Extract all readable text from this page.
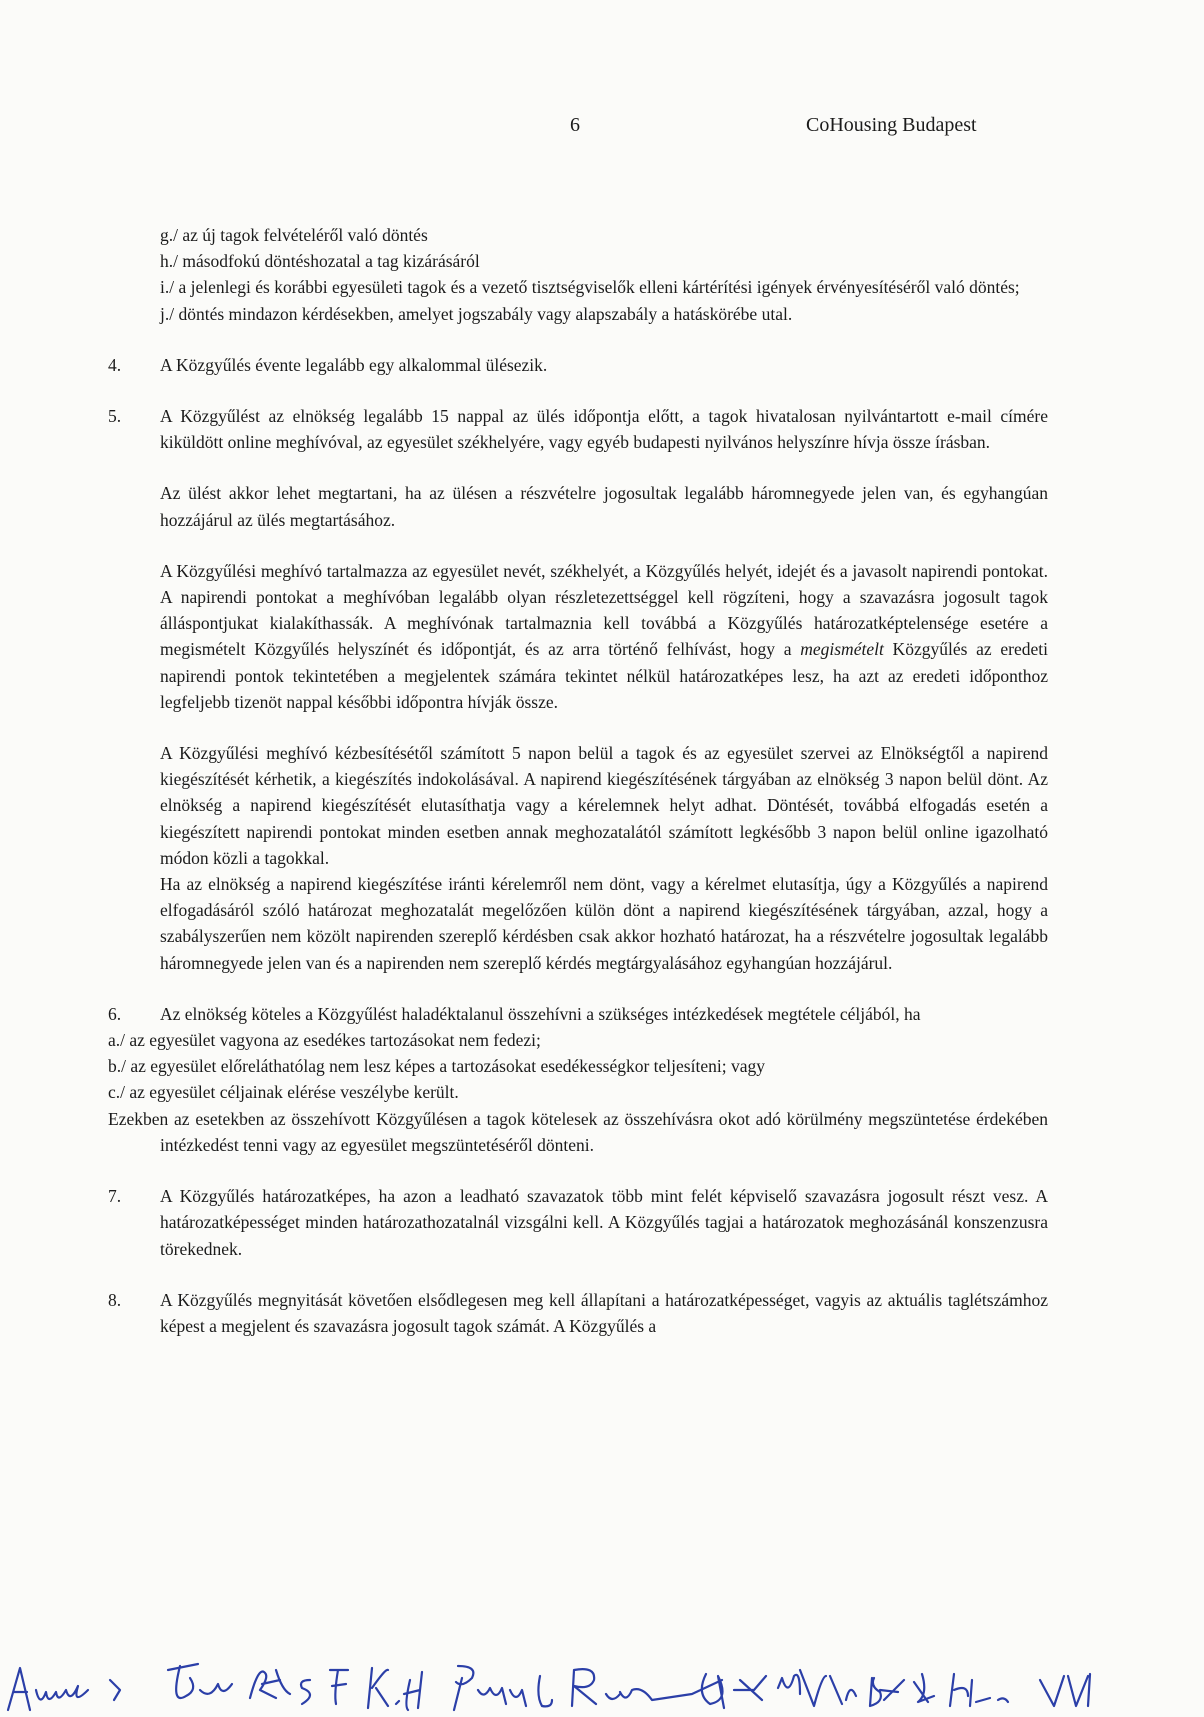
6	CoHousing Budapest
g./ az új tagok felvételéről való döntés
h./ másodfokú döntéshozatal a tag kizárásáról
i./ a jelenlegi és korábbi egyesületi tagok és a vezető tisztségviselők elleni kártérítési igények érvényesítéséről való döntés;
j./ döntés mindazon kérdésekben, amelyet jogszabály vagy alapszabály a hatáskörébe utal.
4.	A Közgyűlés évente legalább egy alkalommal ülésezik.
5.	A Közgyűlést az elnökség legalább 15 nappal az ülés időpontja előtt, a tagok hivatalosan nyilvántartott e-mail címére kiküldött online meghívóval, az egyesület székhelyére, vagy egyéb budapesti nyilvános helyszínre hívja össze írásban.
Az ülést akkor lehet megtartani, ha az ülésen a részvételre jogosultak legalább háromnegyede jelen van, és egyhangúan hozzájárul az ülés megtartásához.
A Közgyűlési meghívó tartalmazza az egyesület nevét, székhelyét, a Közgyűlés helyét, idejét és a javasolt napirendi pontokat. A napirendi pontokat a meghívóban legalább olyan részletezettséggel kell rögzíteni, hogy a szavazásra jogosult tagok álláspontjukat kialakíthassák. A meghívónak tartalmaznia kell továbbá a Közgyűlés határozatképtelensége esetére a megismételt Közgyűlés helyszínét és időpontját, és az arra történő felhívást, hogy a megismételt Közgyűlés az eredeti napirendi pontok tekintetében a megjelentek számára tekintet nélkül határozatképes lesz, ha azt az eredeti időponthoz legfeljebb tizenöt nappal későbbi időpontra hívják össze.
A Közgyűlési meghívó kézbesítésétől számított 5 napon belül a tagok és az egyesület szervei az Elnökségtől a napirend kiegészítését kérhetik, a kiegészítés indokolásával. A napirend kiegészítésének tárgyában az elnökség 3 napon belül dönt. Az elnökség a napirend kiegészítését elutasíthatja vagy a kérelemnek helyt adhat. Döntését, továbbá elfogadás esetén a kiegészített napirendi pontokat minden esetben annak meghozatalától számított legkésőbb 3 napon belül online igazolható módon közli a tagokkal.
Ha az elnökség a napirend kiegészítése iránti kérelemről nem dönt, vagy a kérelmet elutasítja, úgy a Közgyűlés a napirend elfogadásáról szóló határozat meghozatalát megelőzően külön dönt a napirend kiegészítésének tárgyában, azzal, hogy a szabályszerűen nem közölt napirenden szereplő kérdésben csak akkor hozható határozat, ha a részvételre jogosultak legalább háromnegyede jelen van és a napirenden nem szereplő kérdés megtárgyalásához egyhangúan hozzájárul.
6.	Az elnökség köteles a Közgyűlést haladéktalanul összehívni a szükséges intézkedések megtétele céljából, ha
a./ az egyesület vagyona az esedékes tartozásokat nem fedezi;
b./ az egyesület előreláthatólag nem lesz képes a tartozásokat esedékességkor teljesíteni; vagy
c./ az egyesület céljainak elérése veszélybe került.
Ezekben az esetekben az összehívott Közgyűlésen a tagok kötelesek az összehívásra okot adó körülmény megszüntetése érdekében intézkedést tenni vagy az egyesület megszüntetéséről dönteni.
7.	A Közgyűlés határozatképes, ha azon a leadható szavazatok több mint felét képviselő szavazásra jogosult részt vesz. A határozatképességet minden határozathozatalnál vizsgálni kell. A Közgyűlés tagjai a határozatok meghozásánál konszenzusra törekednek.
8.	A Közgyűlés megnyitását követően elsődlegesen meg kell állapítani a határozatképességet, vagyis az aktuális taglétszámhoz képest a megjelent és szavazásra jogosult tagok számát. A Közgyűlés a
